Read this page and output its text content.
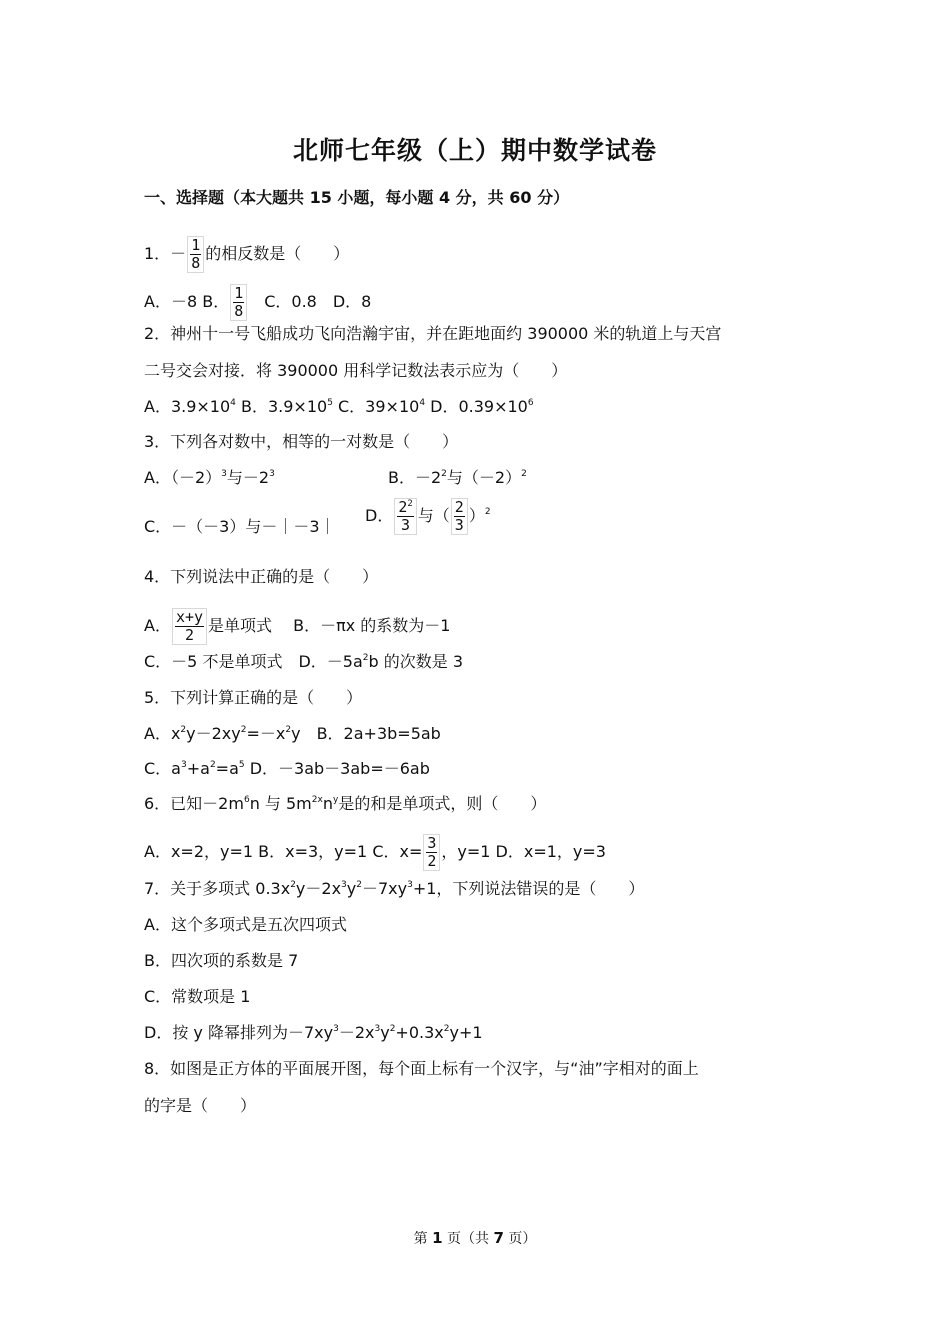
北师七年级（上）期中数学试卷
一、选择题（本大题共 15 小题，每小题 4 分，共 60 分）
1．－ $\frac{1}{8}$ 的相反数是（　　）
A．－8 B． $\frac{1}{8}$ 　C．0.8　D．8
2．神州十一号飞船成功飞向浩瀚宇宙，并在距地面约 390000 米的轨道上与天宫
二号交会对接．将 390000 用科学记数法表示应为（　　）
A．$3.9\times 10^4$ B．$3.9\times 10^5$ C．$39\times 10^4$ D．$0.39\times 10^6$
3．下列各对数中，相等的一对数是（　　）
A．$(-2)^3$与$-2^3$	B．$-2^2$与$(-2)^2$
C．－（－3）与－｜－3｜
D． $\frac{2^2}{3}$ 与（ $\frac{2}{3} )^2$
4．下列说法中正确的是（　　）
A． $\frac{x+y}{2}$ 是单项式　 B．－πx 的系数为－1
C．－5 不是单项式　D．$-5a^2b$ 的次数是 3
5．下列计算正确的是（　　）
A．$x^2y-2xy^2=-x^2y$　B．2a+3b=5ab
C．$a^3+a^2=a^5$ D．－3ab－3ab=－6ab
6．已知$-2m^6n$ 与 $5m^{2x}n^y$是的和是单项式，则（　　）
A．x=2，y=1 B．x=3，y=1 C．$x= \frac{3}{2}$ ，y=1 D．x=1，y=3
7．关于多项式 $0.3x^2y-2x^3y^2-7xy^3+1$，下列说法错误的是（　　）
A．这个多项式是五次四项式
B．四次项的系数是 7
C．常数项是 1
D．按 y 降幂排列为$-7xy^3-2x^3y^2+0.3x^2y+1$
8．如图是正方体的平面展开图，每个面上标有一个汉字，与“油”字相对的面上
的字是（　　）
第 1 页（共 7 页）
